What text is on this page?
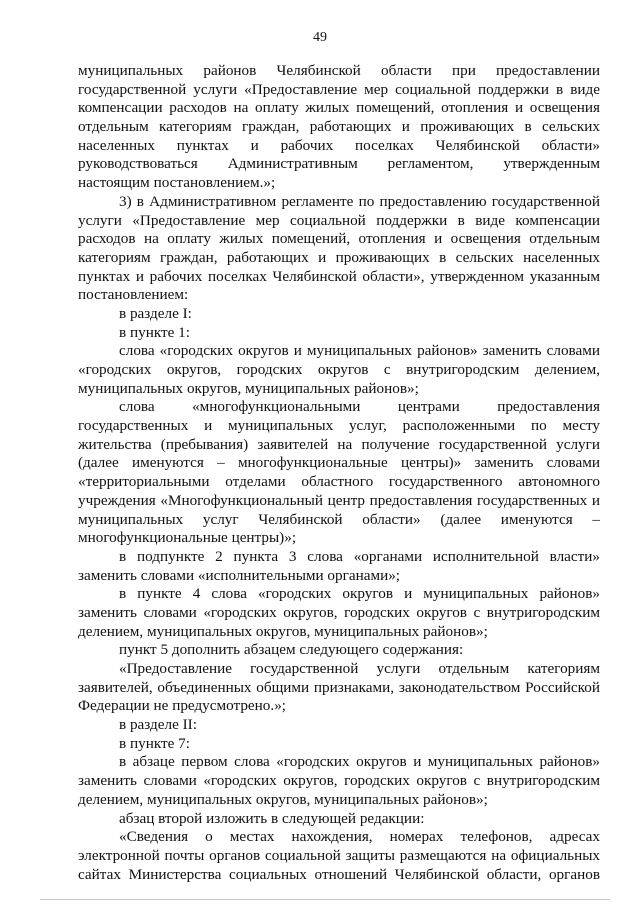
49
муниципальных районов Челябинской области при предоставлении
государственной услуги «Предоставление мер социальной поддержки в виде
компенсации расходов на оплату жилых помещений, отопления и освещения
отдельным категориям граждан, работающих и проживающих в сельских
населенных пунктах и рабочих поселках Челябинской области»
руководствоваться Административным регламентом, утвержденным
настоящим постановлением.»;
3) в Административном регламенте по предоставлению государственной
услуги «Предоставление мер социальной поддержки в виде компенсации
расходов на оплату жилых помещений, отопления и освещения отдельным
категориям граждан, работающих и проживающих в сельских населенных
пунктах и рабочих поселках Челябинской области», утвержденном указанным
постановлением:
в разделе I:
в пункте 1:
слова «городских округов и муниципальных районов» заменить словами
«городских округов, городских округов с внутригородским делением,
муниципальных округов, муниципальных районов»;
слова «многофункциональными центрами предоставления
государственных и муниципальных услуг, расположенными по месту
жительства (пребывания) заявителей на получение государственной услуги
(далее именуются – многофункциональные центры)» заменить словами
«территориальными отделами областного государственного автономного
учреждения «Многофункциональный центр предоставления государственных и
муниципальных услуг Челябинской области» (далее именуются –
многофункциональные центры)»;
в подпункте 2 пункта 3 слова «органами исполнительной власти»
заменить словами «исполнительными органами»;
в пункте 4 слова «городских округов и муниципальных районов»
заменить словами «городских округов, городских округов с внутригородским
делением, муниципальных округов, муниципальных районов»;
пункт 5 дополнить абзацем следующего содержания:
«Предоставление государственной услуги отдельным категориям
заявителей, объединенных общими признаками, законодательством Российской
Федерации не предусмотрено.»;
в разделе II:
в пункте 7:
в абзаце первом слова «городских округов и муниципальных районов»
заменить словами «городских округов, городских округов с внутригородским
делением, муниципальных округов, муниципальных районов»;
абзац второй изложить в следующей редакции:
«Сведения о местах нахождения, номерах телефонов, адресах
электронной почты органов социальной защиты размещаются на официальных
сайтах Министерства социальных отношений Челябинской области, органов
